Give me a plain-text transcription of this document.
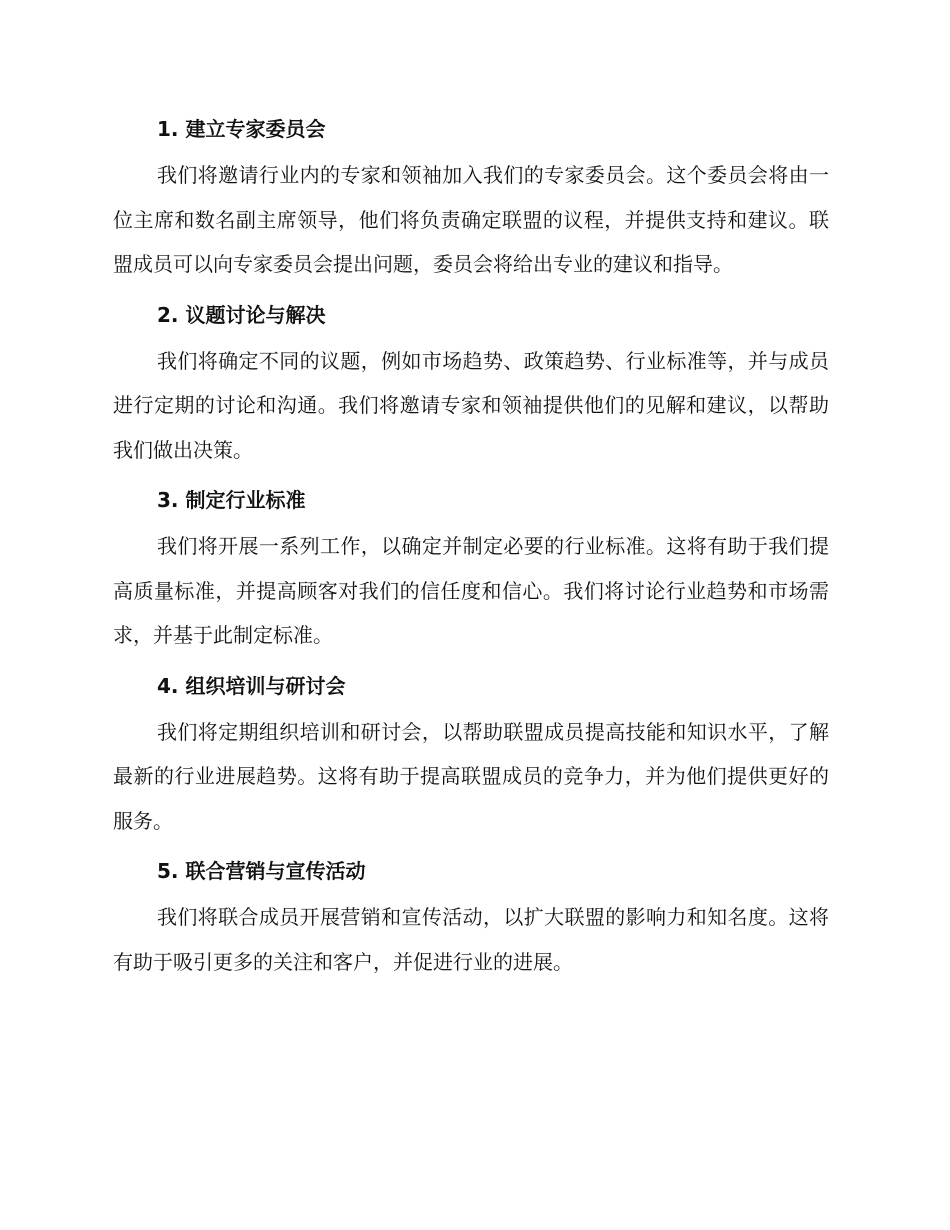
1. 建立专家委员会

我们将邀请行业内的专家和领袖加入我们的专家委员会。这个委员会将由一位主席和数名副主席领导，他们将负责确定联盟的议程，并提供支持和建议。联盟成员可以向专家委员会提出问题，委员会将给出专业的建议和指导。

2. 议题讨论与解决

我们将确定不同的议题，例如市场趋势、政策趋势、行业标准等，并与成员进行定期的讨论和沟通。我们将邀请专家和领袖提供他们的见解和建议，以帮助我们做出决策。

3. 制定行业标准

我们将开展一系列工作，以确定并制定必要的行业标准。这将有助于我们提高质量标准，并提高顾客对我们的信任度和信心。我们将讨论行业趋势和市场需求，并基于此制定标准。

4. 组织培训与研讨会

我们将定期组织培训和研讨会，以帮助联盟成员提高技能和知识水平，了解最新的行业进展趋势。这将有助于提高联盟成员的竞争力，并为他们提供更好的服务。

5. 联合营销与宣传活动

我们将联合成员开展营销和宣传活动，以扩大联盟的影响力和知名度。这将有助于吸引更多的关注和客户，并促进行业的进展。
